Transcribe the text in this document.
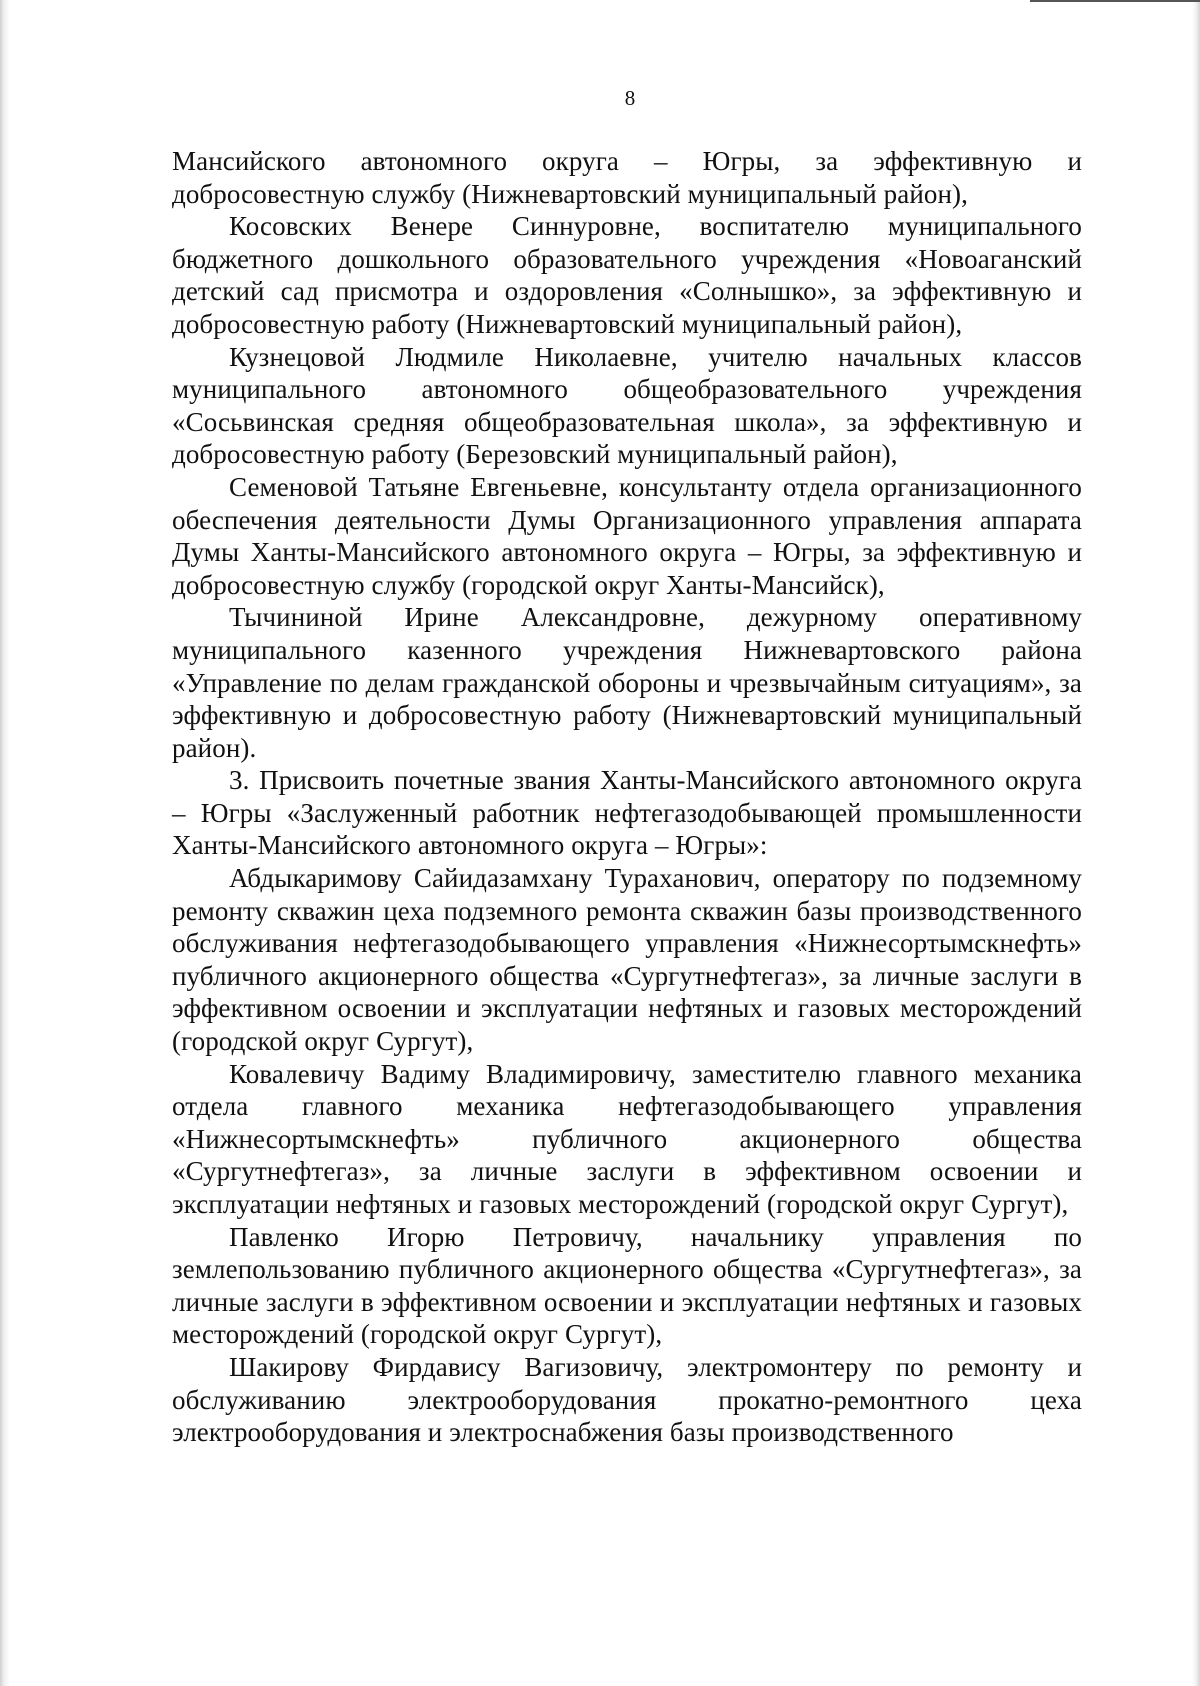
8

Мансийского автономного округа – Югры, за эффективную и добросовестную службу (Нижневартовский муниципальный район),

Косовских Венере Синнуровне, воспитателю муниципального бюджетного дошкольного образовательного учреждения «Новоаганский детский сад присмотра и оздоровления «Солнышко», за эффективную и добросовестную работу (Нижневартовский муниципальный район),

Кузнецовой Людмиле Николаевне, учителю начальных классов муниципального автономного общеобразовательного учреждения «Сосьвинская средняя общеобразовательная школа», за эффективную и добросовестную работу (Березовский муниципальный район),

Семеновой Татьяне Евгеньевне, консультанту отдела организационного обеспечения деятельности Думы Организационного управления аппарата Думы Ханты-Мансийского автономного округа – Югры, за эффективную и добросовестную службу (городской округ Ханты-Мансийск),

Тычининой Ирине Александровне, дежурному оперативному муниципального казенного учреждения Нижневартовского района «Управление по делам гражданской обороны и чрезвычайным ситуациям», за эффективную и добросовестную работу (Нижневартовский муниципальный район).

3. Присвоить почетные звания Ханты-Мансийского автономного округа – Югры «Заслуженный работник нефтегазодобывающей промышленности Ханты-Мансийского автономного округа – Югры»:

Абдыкаримову Сайидазамхану Тураханович, оператору по подземному ремонту скважин цеха подземного ремонта скважин базы производственного обслуживания нефтегазодобывающего управления «Нижнесортымскнефть» публичного акционерного общества «Сургутнефтегаз», за личные заслуги в эффективном освоении и эксплуатации нефтяных и газовых месторождений (городской округ Сургут),

Ковалевичу Вадиму Владимировичу, заместителю главного механика отдела главного механика нефтегазодобывающего управления «Нижнесортымскнефть» публичного акционерного общества «Сургутнефтегаз», за личные заслуги в эффективном освоении и эксплуатации нефтяных и газовых месторождений (городской округ Сургут),

Павленко Игорю Петровичу, начальнику управления по землепользованию публичного акционерного общества «Сургутнефтегаз», за личные заслуги в эффективном освоении и эксплуатации нефтяных и газовых месторождений (городской округ Сургут),

Шакирову Фирдавису Вагизовичу, электромонтеру по ремонту и обслуживанию электрооборудования прокатно-ремонтного цеха электрооборудования и электроснабжения базы производственного
